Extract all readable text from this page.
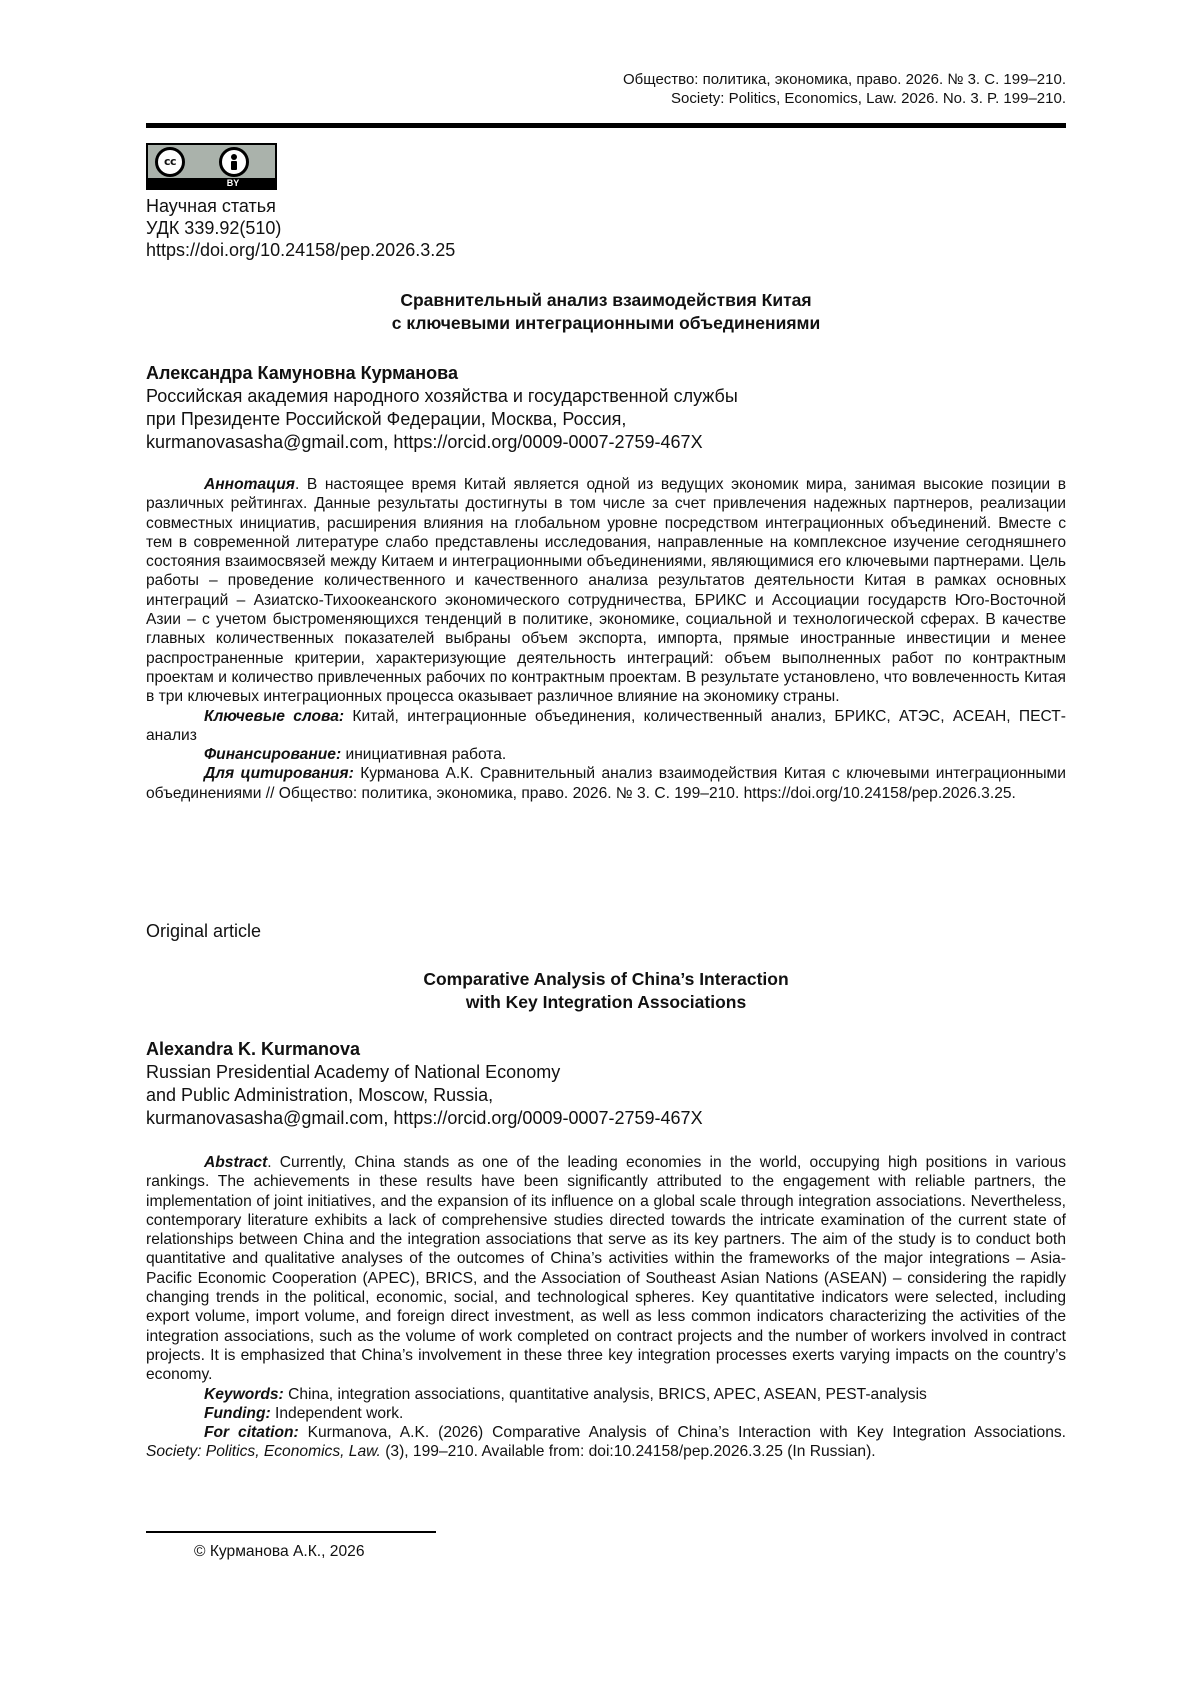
Общество: политика, экономика, право. 2026. № 3. С. 199–210.
Society: Politics, Economics, Law. 2026. No. 3. P. 199–210.
cc
BY
Научная статья
УДК 339.92(510)
https://doi.org/10.24158/pep.2026.3.25
Сравнительный анализ взаимодействия Китая
с ключевыми интеграционными объединениями
Александра Камуновна Курманова
Российская академия народного хозяйства и государственной службы
при Президенте Российской Федерации, Москва, Россия,
kurmanovasasha@gmail.com, https://orcid.org/0009-0007-2759-467X

Аннотация. В настоящее время Китай является одной из ведущих экономик мира, занимая высокие позиции в различных рейтингах. Данные результаты достигнуты в том числе за счет привлечения надежных партнеров, реализации совместных инициатив, расширения влияния на глобальном уровне посредством интеграционных объединений. Вместе с тем в современной литературе слабо представлены исследования, направленные на комплексное изучение сегодняшнего состояния взаимосвязей между Китаем и интеграционными объединениями, являющимися его ключевыми партнерами. Цель работы – проведение количественного и качественного анализа результатов деятельности Китая в рамках основных интеграций – Азиатско-Тихоокеанского экономического сотрудничества, БРИКС и Ассоциации государств Юго-Восточной Азии – с учетом быстроменяющихся тенденций в политике, экономике, социальной и технологической сферах. В качестве главных количественных показателей выбраны объем экспорта, импорта, прямые иностранные инвестиции и менее распространенные критерии, характеризующие деятельность интеграций: объем выполненных работ по контрактным проектам и количество привлеченных рабочих по контрактным проектам. В результате установлено, что вовлеченность Китая в три ключевых интеграционных процесса оказывает различное влияние на экономику страны.

Ключевые слова: Китай, интеграционные объединения, количественный анализ, БРИКС, АТЭС, АСЕАН, ПЕСТ-анализ

Финансирование: инициативная работа.

Для цитирования: Курманова А.К. Сравнительный анализ взаимодействия Китая с ключевыми интеграционными объединениями // Общество: политика, экономика, право. 2026. № 3. С. 199–210. https://doi.org/10.24158/pep.2026.3.25.

Original article
Comparative Analysis of China’s Interaction
with Key Integration Associations
Alexandra K. Kurmanova
Russian Presidential Academy of National Economy
and Public Administration, Moscow, Russia,
kurmanovasasha@gmail.com, https://orcid.org/0009-0007-2759-467X

Abstract. Currently, China stands as one of the leading economies in the world, occupying high positions in various rankings. The achievements in these results have been significantly attributed to the engagement with reliable partners, the implementation of joint initiatives, and the expansion of its influence on a global scale through integration associations. Nevertheless, contemporary literature exhibits a lack of comprehensive studies directed towards the intricate examination of the current state of relationships between China and the integration associations that serve as its key partners. The aim of the study is to conduct both quantitative and qualitative analyses of the outcomes of China’s activities within the frameworks of the major integrations – Asia-Pacific Economic Cooperation (APEC), BRICS, and the Association of Southeast Asian Nations (ASEAN) – considering the rapidly changing trends in the political, economic, social, and technological spheres. Key quantitative indicators were selected, including export volume, import volume, and foreign direct investment, as well as less common indicators characterizing the activities of the integration associations, such as the volume of work completed on contract projects and the number of workers involved in contract projects. It is emphasized that China’s involvement in these three key integration processes exerts varying impacts on the country’s economy.

Keywords: China, integration associations, quantitative analysis, BRICS, APEC, ASEAN, PEST-analysis

Funding: Independent work.

For citation: Kurmanova, A.K. (2026) Comparative Analysis of China’s Interaction with Key Integration Associations. Society: Politics, Economics, Law. (3), 199–210. Available from: doi:10.24158/pep.2026.3.25 (In Russian).

© Курманова А.К., 2026
